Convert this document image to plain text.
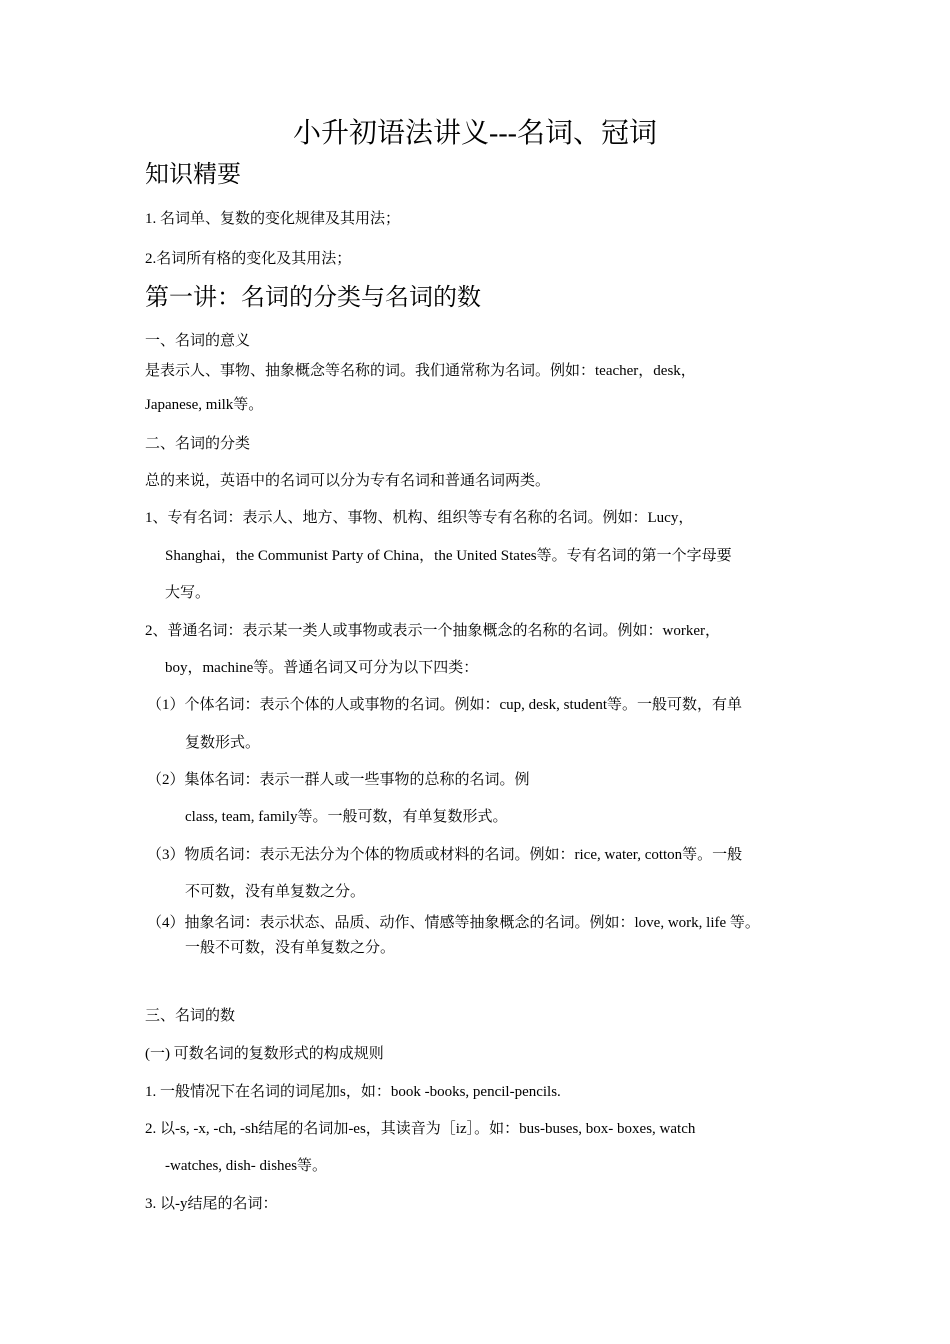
小升初语法讲义---名词、冠词
知识精要
1. 名词单、复数的变化规律及其用法；
2.名词所有格的变化及其用法；
第一讲：名词的分类与名词的数
一、名词的意义
是表示人、事物、抽象概念等名称的词。我们通常称为名词。例如：teacher，desk，
Japanese, milk等。
二、名词的分类
总的来说，英语中的名词可以分为专有名词和普通名词两类。
1、专有名词：表示人、地方、事物、机构、组织等专有名称的名词。例如：Lucy，
Shanghai，the Communist Party of China，the United States等。专有名词的第一个字母要
大写。
2、普通名词：表示某一类人或事物或表示一个抽象概念的名称的名词。例如：worker，
boy，machine等。普通名词又可分为以下四类：
（1）个体名词：表示个体的人或事物的名词。例如：cup, desk, student等。一般可数，有单
复数形式。
（2）集体名词：表示一群人或一些事物的总称的名词。例
class, team, family等。一般可数，有单复数形式。
（3）物质名词：表示无法分为个体的物质或材料的名词。例如：rice, water, cotton等。一般
不可数，没有单复数之分。
（4）抽象名词：表示状态、品质、动作、情感等抽象概念的名词。例如：love, work, life 等。
一般不可数，没有单复数之分。
三、名词的数
(一) 可数名词的复数形式的构成规则
1. 一般情况下在名词的词尾加s，如：book -books, pencil-pencils.
2. 以-s, -x, -ch, -sh结尾的名词加-es，其读音为［iz］。如：bus-buses, box- boxes, watch
-watches, dish- dishes等。
3. 以-y结尾的名词：
